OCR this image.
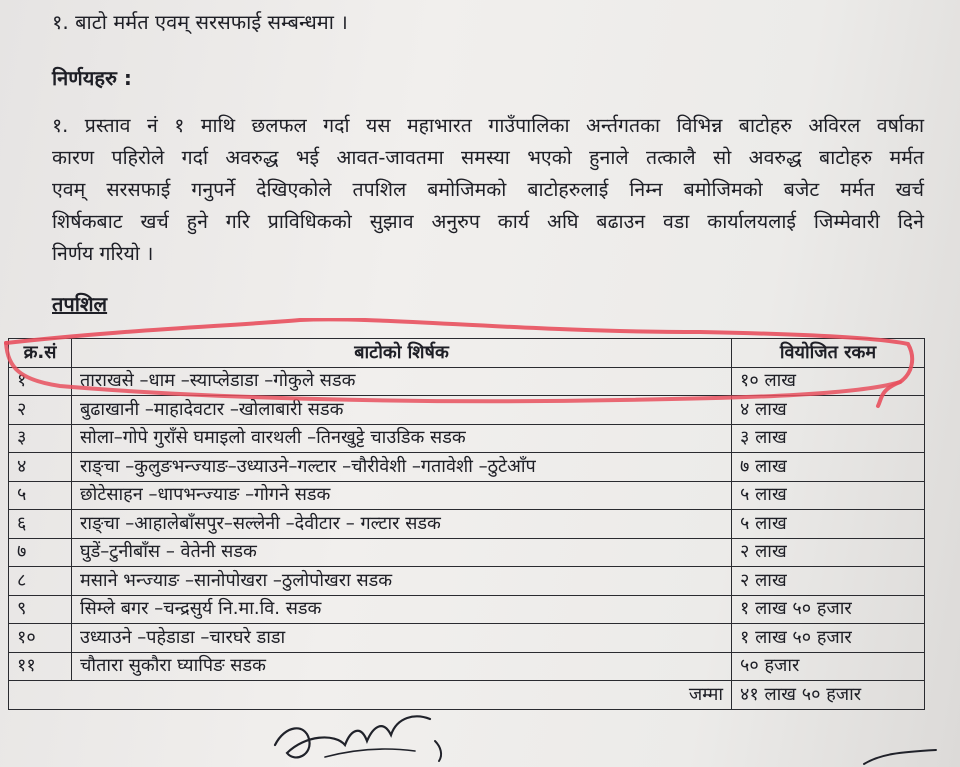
१. बाटो मर्मत एवम् सरसफाई सम्बन्धमा ।
निर्णयहरु :
१. प्रस्ताव नं १ माथि छलफल गर्दा यस महाभारत गाउँपालिका अर्न्तगतका विभिन्न बाटोहरु अविरल वर्षाका
कारण पहिरोले गर्दा अवरुद्ध भई आवत-जावतमा समस्या भएको हुनाले तत्कालै सो अवरुद्ध बाटोहरु मर्मत
एवम् सरसफाई गनुपर्ने देखिएकोले तपशिल बमोजिमको बाटोहरुलाई निम्न बमोजिमको बजेट मर्मत खर्च
शिर्षकबाट खर्च हुने गरि प्राविधिकको सुझाव अनुरुप कार्य अघि बढाउन वडा कार्यालयलाई जिम्मेवारी दिने
निर्णय गरियो ।
तपशिल
क्र.सं	बाटोको शिर्षक	वियोजित रकम
१	ताराखसे –धाम –स्याप्लेडाडा –गोकुले सडक	१० लाख
२	बुढाखानी –माहादेवटार –खोलाबारी सडक	४ लाख
३	सोला–गोपे गुराँसे घमाइलो वारथली –तिनखुट्टे चाउडिक सडक	३ लाख
४	राङ्चा –कुलुङभन्ज्याङ–उध्याउने–गल्टार –चौरीवेशी –गतावेशी –ठुटेआँप	७ लाख
५	छोटेसाहन –धापभन्ज्याङ –गोगने सडक	५ लाख
६	राङ्चा –आहालेबाँसपुर–सल्लेनी –देवीटार – गल्टार सडक	५ लाख
७	घुडें–टुनीबाँस – वेतेनी सडक	२ लाख
८	मसाने भन्ज्याङ –सानोपोखरा –ठुलोपोखरा सडक	२ लाख
९	सिम्ले बगर –चन्द्रसुर्य नि.मा.वि. सडक	१ लाख ५० हजार
१०	उध्याउने –पहेडाडा –चारघरे डाडा	१ लाख ५० हजार
११	चौतारा सुकौरा घ्यापिङ सडक	५० हजार
	जम्मा	४१ लाख ५० हजार
